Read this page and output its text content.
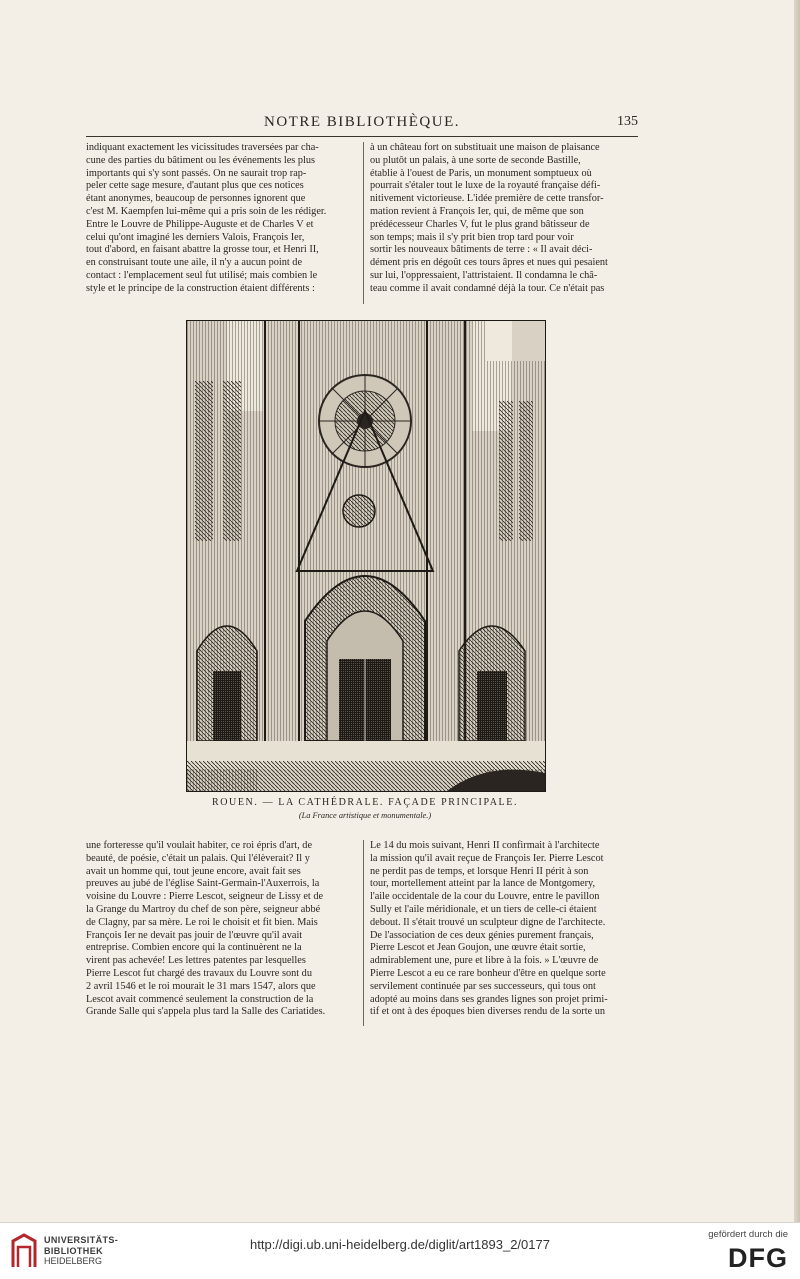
NOTRE BIBLIOTHÈQUE.	135

indiquant exactement les vicissitudes traversées par cha-

cune des parties du bâtiment ou les événements les plus

importants qui s'y sont passés. On ne saurait trop rap-

peler cette sage mesure, d'autant plus que ces notices

étant anonymes, beaucoup de personnes ignorent que

c'est M. Kaempfen lui-même qui a pris soin de les rédiger.

Entre le Louvre de Philippe-Auguste et de Charles V et

celui qu'ont imaginé les derniers Valois, François Ier,

tout d'abord, en faisant abattre la grosse tour, et Henri II,

en construisant toute une aile, il n'y a aucun point de

contact : l'emplacement seul fut utilisé; mais combien le

style et le principe de la construction étaient différents :

à un château fort on substituait une maison de plaisance

ou plutôt un palais, à une sorte de seconde Bastille,

établie à l'ouest de Paris, un monument somptueux où

pourrait s'étaler tout le luxe de la royauté française défi-

nitivement victorieuse. L'idée première de cette transfor-

mation revient à François Ier, qui, de même que son

prédécesseur Charles V, fut le plus grand bâtisseur de

son temps; mais il s'y prit bien trop tard pour voir

sortir les nouveaux bâtiments de terre : « Il avait déci-

dément pris en dégoût ces tours âpres et nues qui pesaient

sur lui, l'oppressaient, l'attristaient. Il condamna le châ-

teau comme il avait condamné déjà la tour. Ce n'était pas

ROUEN. — LA CATHÉDRALE. FAÇADE PRINCIPALE.
(La France artistique et monumentale.)

une forteresse qu'il voulait habiter, ce roi épris d'art, de

beauté, de poésie, c'était un palais. Qui l'élèverait? Il y

avait un homme qui, tout jeune encore, avait fait ses

preuves au jubé de l'église Saint-Germain-l'Auxerrois, la

voisine du Louvre : Pierre Lescot, seigneur de Lissy et de

la Grange du Martroy du chef de son père, seigneur abbé

de Clagny, par sa mère. Le roi le choisit et fit bien. Mais

François Ier ne devait pas jouir de l'œuvre qu'il avait

entreprise. Combien encore qui la continuèrent ne la

virent pas achevée! Les lettres patentes par lesquelles

Pierre Lescot fut chargé des travaux du Louvre sont du

2 avril 1546 et le roi mourait le 31 mars 1547, alors que

Lescot avait commencé seulement la construction de la

Grande Salle qui s'appela plus tard la Salle des Cariatides.

Le 14 du mois suivant, Henri II confirmait à l'architecte

la mission qu'il avait reçue de François Ier. Pierre Lescot

ne perdit pas de temps, et lorsque Henri II périt à son

tour, mortellement atteint par la lance de Montgomery,

l'aile occidentale de la cour du Louvre, entre le pavillon

Sully et l'aile méridionale, et un tiers de celle-ci étaient

debout. Il s'était trouvé un sculpteur digne de l'architecte.

De l'association de ces deux génies purement français,

Pierre Lescot et Jean Goujon, une œuvre était sortie,

admirablement une, pure et libre à la fois. » L'œuvre de

Pierre Lescot a eu ce rare bonheur d'être en quelque sorte

servilement continuée par ses successeurs, qui tous ont

adopté au moins dans ses grandes lignes son projet primi-

tif et ont à des époques bien diverses rendu de la sorte un

UNIVERSITÄTS-
BIBLIOTHEK
HEIDELBERG
http://digi.ub.uni-heidelberg.de/diglit/art1893_2/0177
gefördert durch die
DFG
